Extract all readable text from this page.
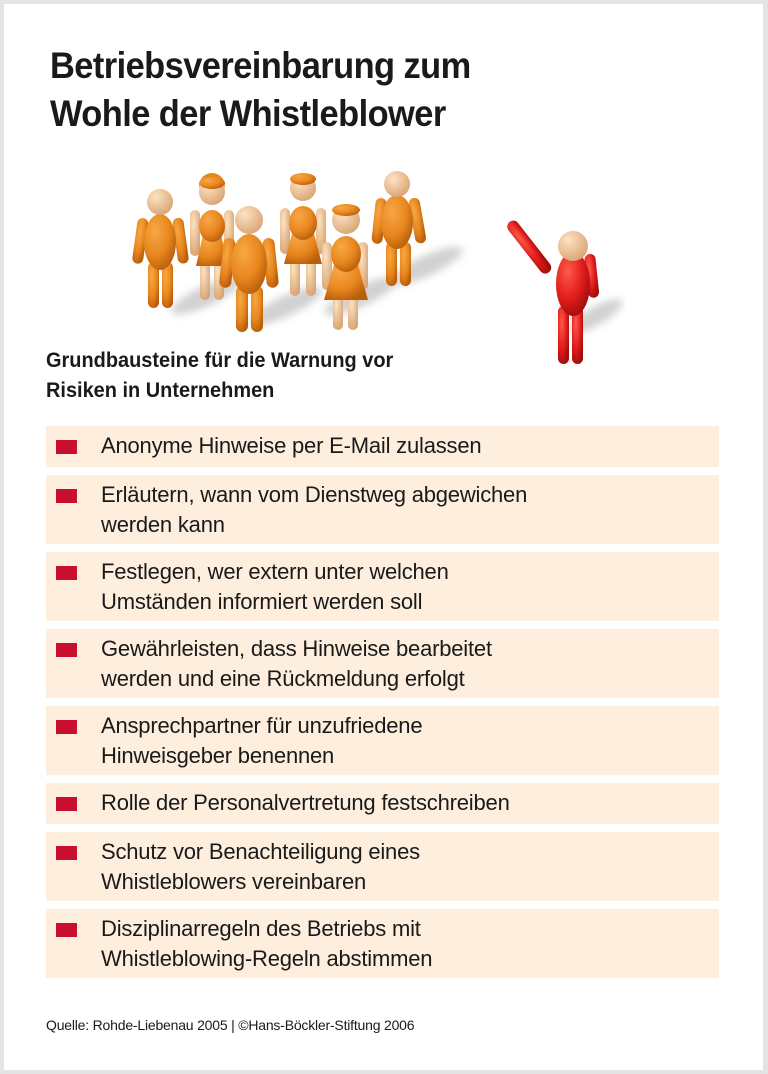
Betriebsvereinbarung zum
Wohle der Whistleblower
Grundbausteine für die Warnung vor
Risiken in Unternehmen
Anonyme Hinweise per E-Mail zulassen
Erläutern, wann vom Dienstweg abgewichen
werden kann
Festlegen, wer extern unter welchen
Umständen informiert werden soll
Gewährleisten, dass Hinweise bearbeitet
werden und eine Rückmeldung erfolgt
Ansprechpartner für unzufriedene
Hinweisgeber benennen
Rolle der Personalvertretung festschreiben
Schutz vor Benachteiligung eines
Whistleblowers vereinbaren
Disziplinarregeln des Betriebs mit
Whistleblowing-Regeln abstimmen
Quelle: Rohde-Liebenau 2005 | ©Hans-Böckler-Stiftung 2006
